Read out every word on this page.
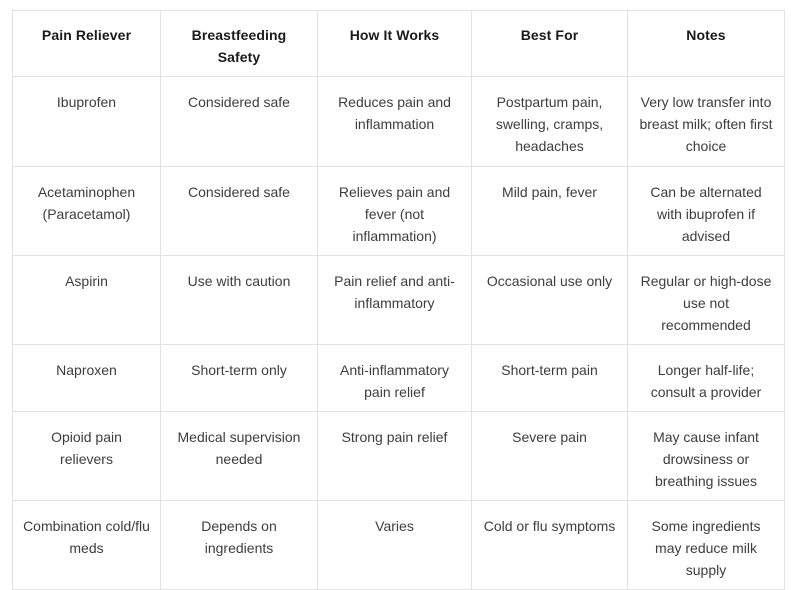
Pain Reliever	Breastfeeding Safety	How It Works	Best For	Notes
Ibuprofen	Considered safe	Reduces pain and inflammation	Postpartum pain, swelling, cramps, headaches	Very low transfer into breast milk; often first choice
Acetaminophen (Paracetamol)	Considered safe	Relieves pain and fever (not inflammation)	Mild pain, fever	Can be alternated with ibuprofen if advised
Aspirin	Use with caution	Pain relief and anti-inflammatory	Occasional use only	Regular or high-dose use not recommended
Naproxen	Short-term only	Anti-inflammatory pain relief	Short-term pain	Longer half-life; consult a provider
Opioid pain relievers	Medical supervision needed	Strong pain relief	Severe pain	May cause infant drowsiness or breathing issues
Combination cold/flu meds	Depends on ingredients	Varies	Cold or flu symptoms	Some ingredients may reduce milk supply
